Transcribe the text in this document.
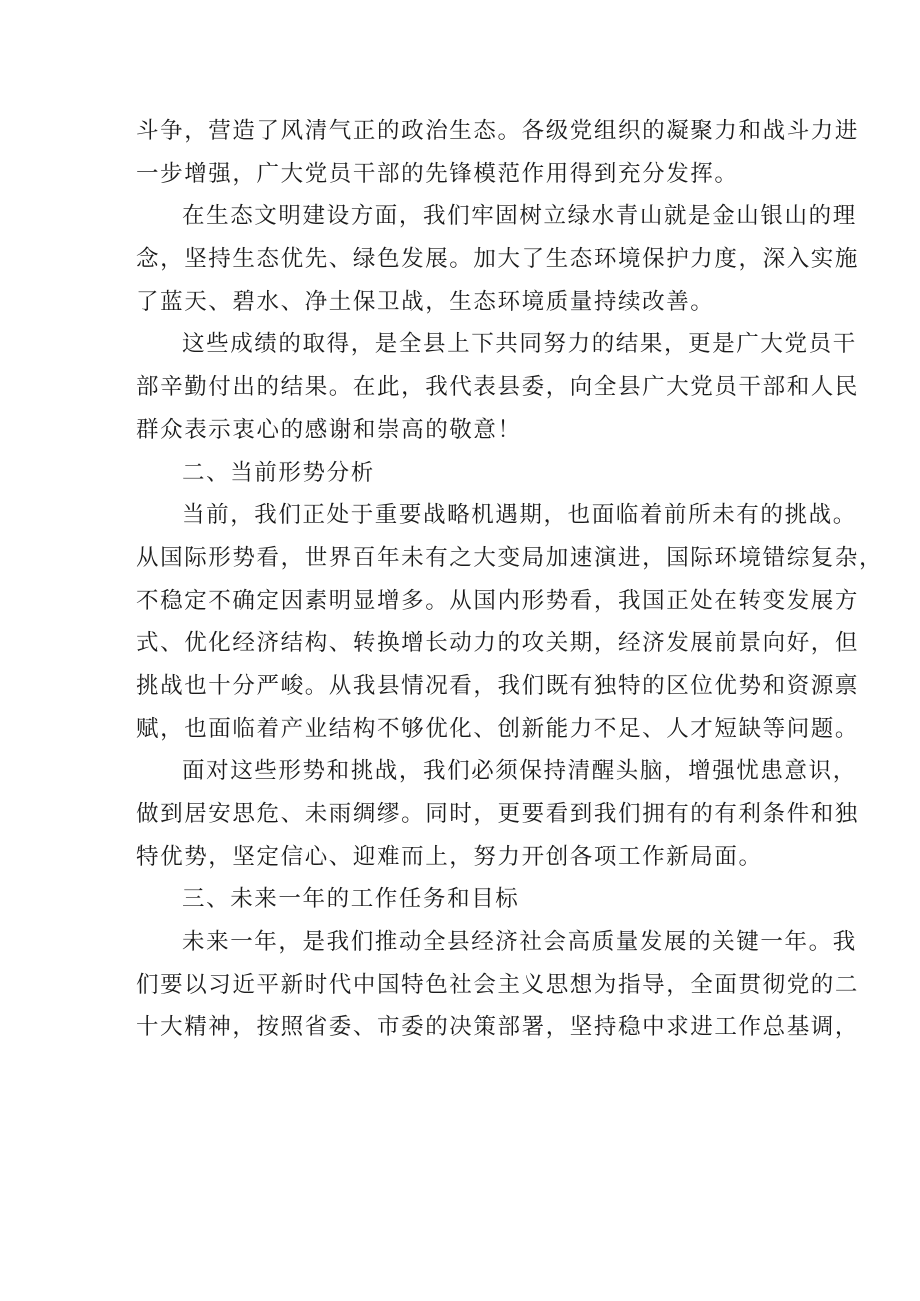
斗争，营造了风清气正的政治生态。各级党组织的凝聚力和战斗力进
一步增强，广大党员干部的先锋模范作用得到充分发挥。
在生态文明建设方面，我们牢固树立绿水青山就是金山银山的理
念，坚持生态优先、绿色发展。加大了生态环境保护力度，深入实施
了蓝天、碧水、净土保卫战，生态环境质量持续改善。
这些成绩的取得，是全县上下共同努力的结果，更是广大党员干
部辛勤付出的结果。在此，我代表县委，向全县广大党员干部和人民
群众表示衷心的感谢和崇高的敬意！
二、当前形势分析
当前，我们正处于重要战略机遇期，也面临着前所未有的挑战。
从国际形势看，世界百年未有之大变局加速演进，国际环境错综复杂，
不稳定不确定因素明显增多。从国内形势看，我国正处在转变发展方
式、优化经济结构、转换增长动力的攻关期，经济发展前景向好，但
挑战也十分严峻。从我县情况看，我们既有独特的区位优势和资源禀
赋，也面临着产业结构不够优化、创新能力不足、人才短缺等问题。
面对这些形势和挑战，我们必须保持清醒头脑，增强忧患意识，
做到居安思危、未雨绸缪。同时，更要看到我们拥有的有利条件和独
特优势，坚定信心、迎难而上，努力开创各项工作新局面。
三、未来一年的工作任务和目标
未来一年，是我们推动全县经济社会高质量发展的关键一年。我
们要以习近平新时代中国特色社会主义思想为指导，全面贯彻党的二
十大精神，按照省委、市委的决策部署，坚持稳中求进工作总基调，
